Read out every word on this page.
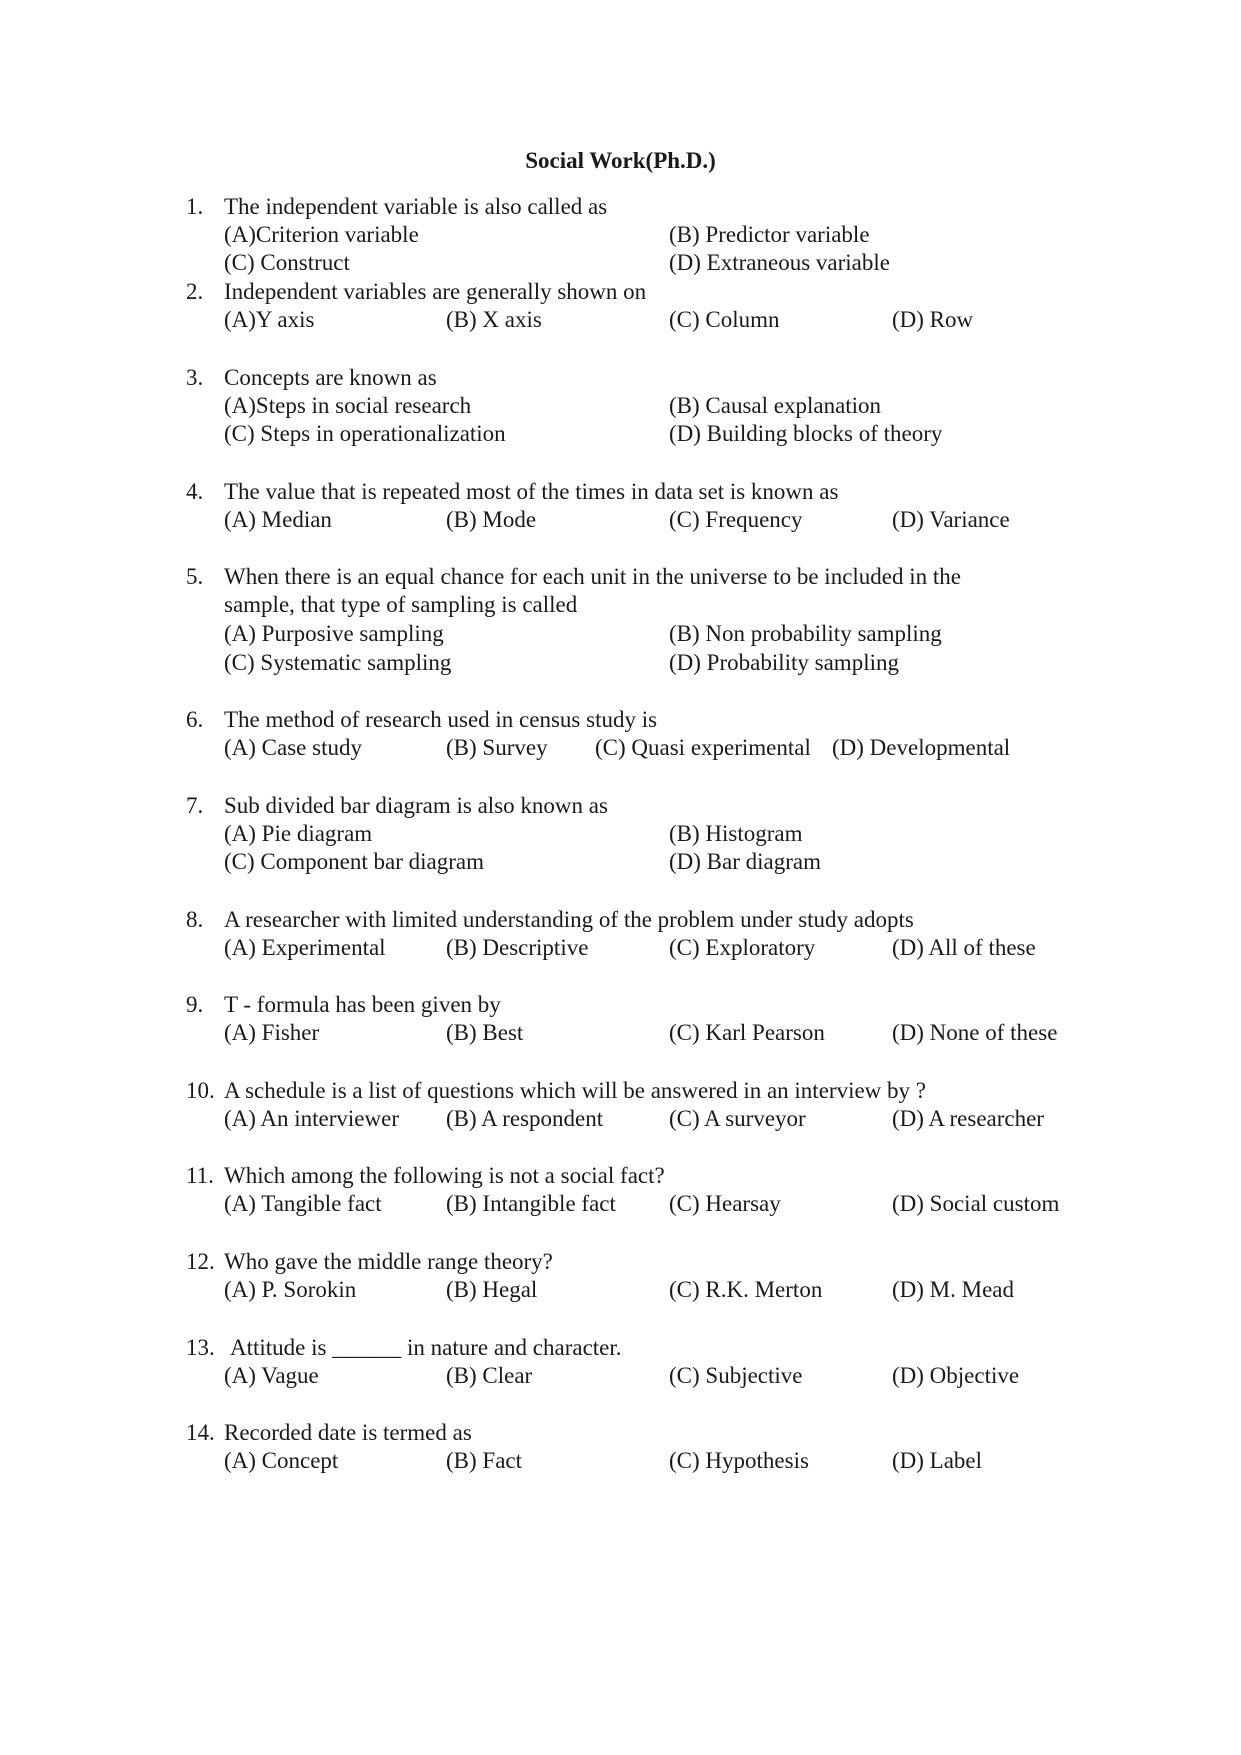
Social Work(Ph.D.)
1. The independent variable is also called as
(A)Criterion variable	(B) Predictor variable
(C) Construct	(D) Extraneous variable
2. Independent variables are generally shown on
(A)Y axis	(B) X axis	(C) Column	(D) Row
3. Concepts are known as
(A)Steps in social research	(B) Causal explanation
(C) Steps in operationalization	(D) Building blocks of theory
4. The value that is repeated most of the times in data set is known as
(A) Median	(B) Mode	(C) Frequency	(D) Variance
5. When there is an equal chance for each unit in the universe to be included in the
sample, that type of sampling is called
(A) Purposive sampling	(B) Non probability sampling
(C) Systematic sampling	(D) Probability sampling
6. The method of research used in census study is
(A) Case study	(B) Survey (C) Quasi experimental (D) Developmental
7. Sub divided bar diagram is also known as
(A) Pie diagram	(B) Histogram
(C) Component bar diagram	(D) Bar diagram
8. A researcher with limited understanding of the problem under study adopts
(A) Experimental	(B) Descriptive	(C) Exploratory	(D) All of these
9. T - formula has been given by
(A) Fisher	(B) Best	(C) Karl Pearson	(D) None of these
10. A schedule is a list of questions which will be answered in an interview by ?
(A) An interviewer (B) A respondent	(C) A surveyor	(D) A researcher
11. Which among the following is not a social fact?
(A) Tangible fact	(B) Intangible fact (C) Hearsay	(D) Social custom
12. Who gave the middle range theory?
(A) P. Sorokin	(B) Hegal	(C) R.K. Merton	(D) M. Mead
13. Attitude is ______ in nature and character.
(A) Vague	(B) Clear	(C) Subjective	(D) Objective
14. Recorded date is termed as
(A) Concept	(B) Fact	(C) Hypothesis	(D) Label
